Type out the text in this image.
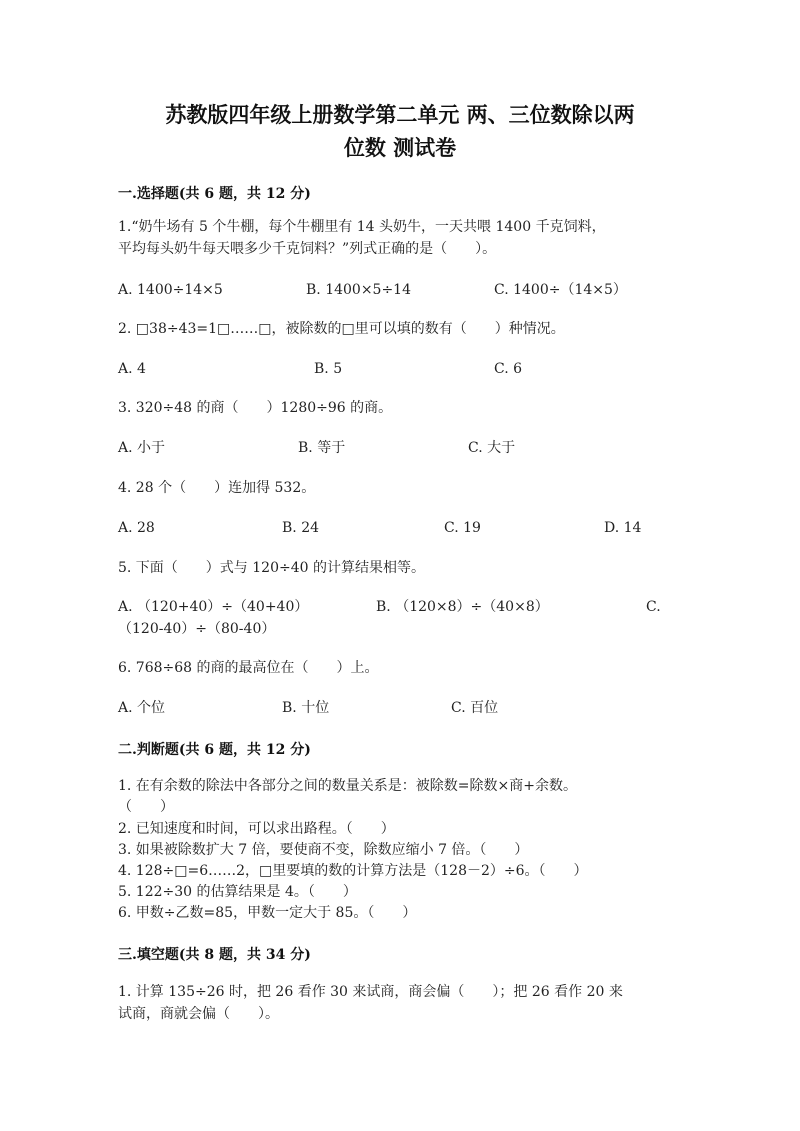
苏教版四年级上册数学第二单元 两、三位数除以两
位数 测试卷
一.选择题(共 6 题，共 12 分)
1.“奶牛场有 5 个牛棚，每个牛棚里有 14 头奶牛，一天共喂 1400 千克饲料，
平均每头奶牛每天喂多少千克饲料？”列式正确的是（　　）。
A. 1400÷14×5	B. 1400×5÷14	C. 1400÷（14×5）
2. □38÷43=1□……□，被除数的□里可以填的数有（　　）种情况。
A. 4	B. 5	C. 6
3. 320÷48 的商（　　）1280÷96 的商。
A. 小于	B. 等于	C. 大于
4. 28 个（　　）连加得 532。
A. 28	B. 24	C. 19	D. 14
5. 下面（　　）式与 120÷40 的计算结果相等。
A. （120+40）÷（40+40）	B. （120×8）÷（40×8）	C.
（120-40）÷（80-40）
6. 768÷68 的商的最高位在（　　）上。
A. 个位	B. 十位	C. 百位
二.判断题(共 6 题，共 12 分)
1. 在有余数的除法中各部分之间的数量关系是：被除数=除数×商+余数。
（　　）
2. 已知速度和时间，可以求出路程。（　　）
3. 如果被除数扩大 7 倍，要使商不变，除数应缩小 7 倍。（　　）
4. 128÷□=6……2，□里要填的数的计算方法是（128－2）÷6。（　　）
5. 122÷30 的估算结果是 4。（　　）
6. 甲数÷乙数=85，甲数一定大于 85。（　　）
三.填空题(共 8 题，共 34 分)
1. 计算 135÷26 时，把 26 看作 30 来试商，商会偏（　　）；把 26 看作 20 来
试商，商就会偏（　　）。
